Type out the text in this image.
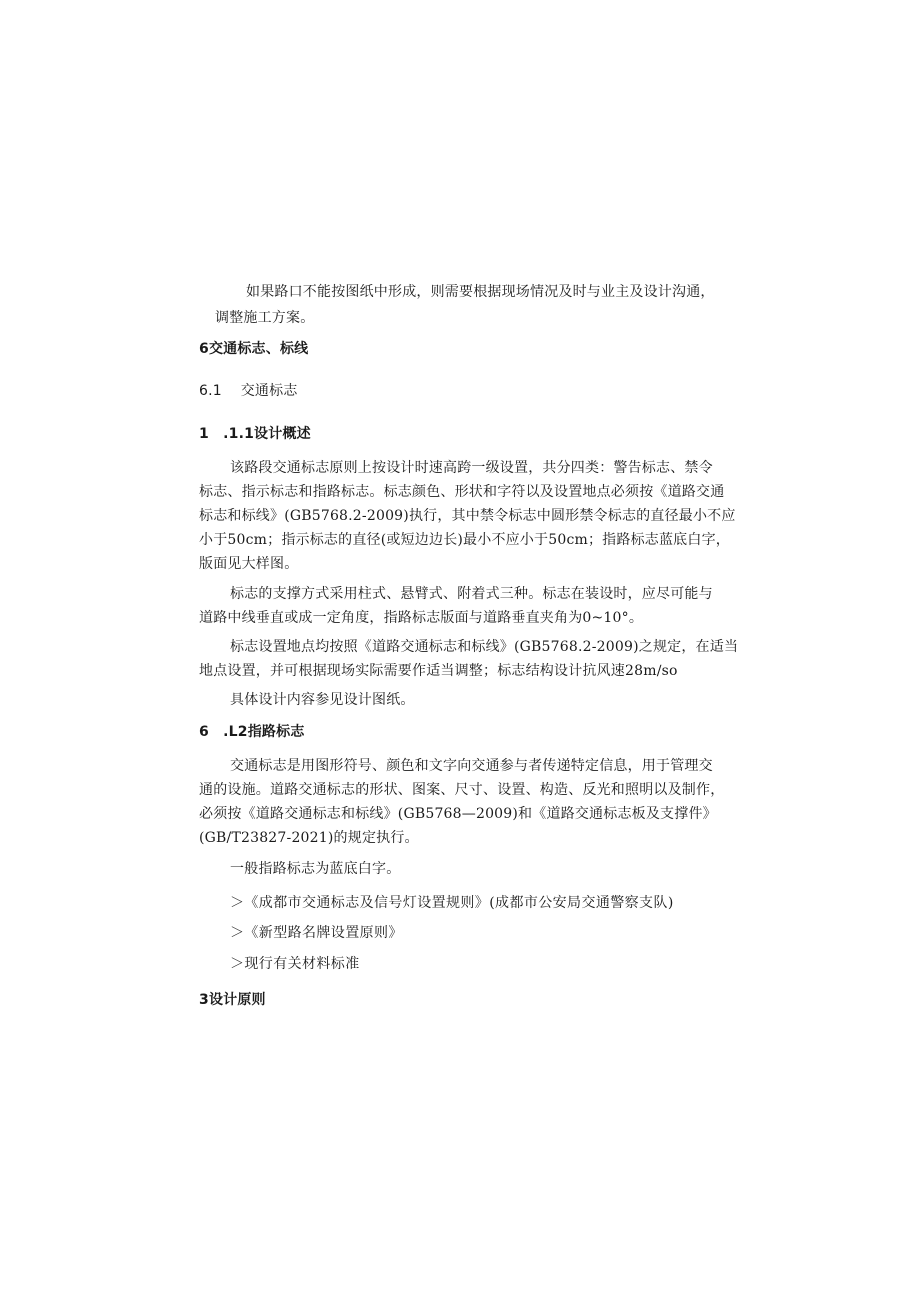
如果路口不能按图纸中形成，则需要根据现场情况及时与业主及设计沟通，
调整施工方案。
6交通标志、标线
6.1　 交通标志
1　.1.1设计概述
该路段交通标志原则上按设计时速高跨一级设置，共分四类：警告标志、禁令
标志、指示标志和指路标志。标志颜色、形状和字符以及设置地点必须按《道路交通
标志和标线》(GB5768.2-2009)执行，其中禁令标志中圆形禁令标志的直径最小不应
小于50cm；指示标志的直径(或短边边长)最小不应小于50cm；指路标志蓝底白字，
版面见大样图。
标志的支撑方式采用柱式、悬臂式、附着式三种。标志在装设时，应尽可能与
道路中线垂直或成一定角度，指路标志版面与道路垂直夹角为0~10°。
标志设置地点均按照《道路交通标志和标线》(GB5768.2-2009)之规定，在适当
地点设置，并可根据现场实际需要作适当调整；标志结构设计抗风速28m∕so
具体设计内容参见设计图纸。
6　.L2指路标志
交通标志是用图形符号、颜色和文字向交通参与者传递特定信息，用于管理交
通的设施。道路交通标志的形状、图案、尺寸、设置、构造、反光和照明以及制作，
必须按《道路交通标志和标线》(GB5768—2009)和《道路交通标志板及支撑件》
(GB/T23827-2021)的规定执行。
一般指路标志为蓝底白字。
＞《成都市交通标志及信号灯设置规则》(成都市公安局交通警察支队)
＞《新型路名牌设置原则》
＞现行有关材料标准
3设计原则
